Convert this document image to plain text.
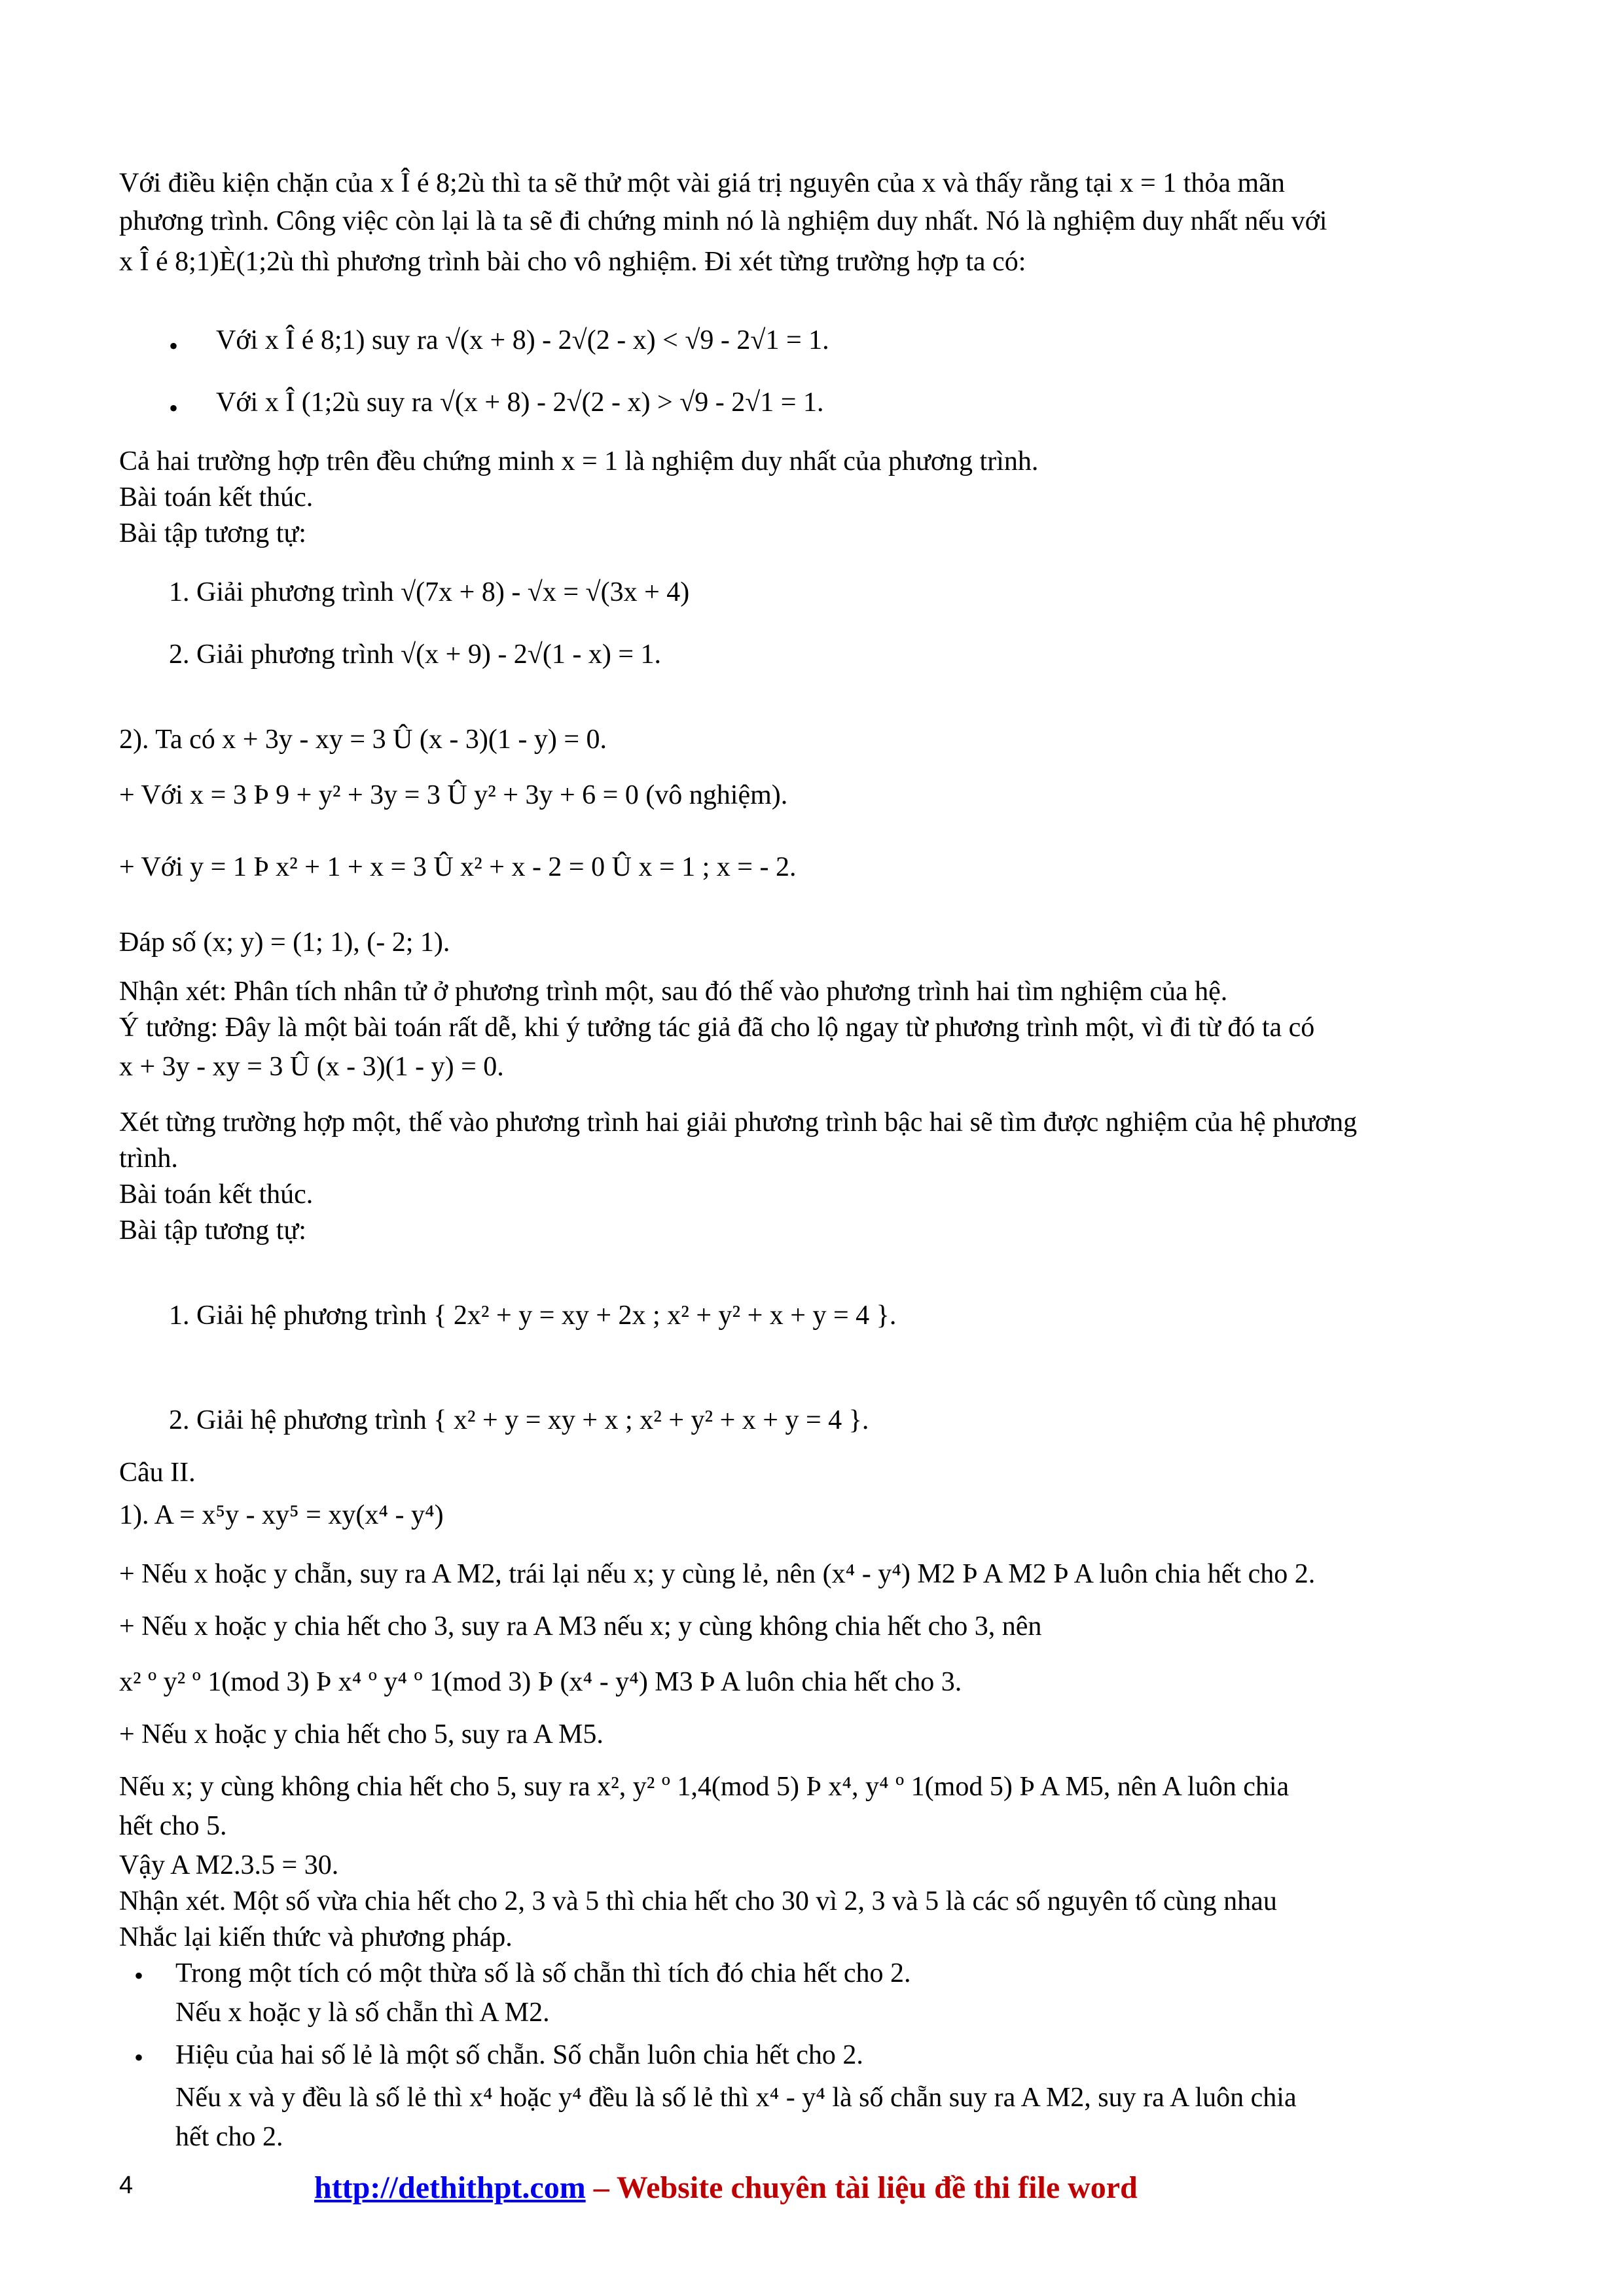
Với điều kiện chặn của x Î é 8;2ù thì ta sẽ thử một vài giá trị nguyên của x và thấy rằng tại x = 1 thỏa mãn
phương trình. Công việc còn lại là ta sẽ đi chứng minh nó là nghiệm duy nhất. Nó là nghiệm duy nhất nếu với
x Î é 8;1)È(1;2ù thì phương trình bài cho vô nghiệm. Đi xét từng trường hợp ta có:
• Với x Î é 8;1) suy ra √(x + 8) - 2√(2 - x) < √9 - 2√1 = 1.
• Với x Î (1;2ù suy ra √(x + 8) - 2√(2 - x) > √9 - 2√1 = 1.
Cả hai trường hợp trên đều chứng minh x = 1 là nghiệm duy nhất của phương trình.
Bài toán kết thúc.
Bài tập tương tự:
1. Giải phương trình √(7x + 8) - √x = √(3x + 4)
2. Giải phương trình √(x + 9) - 2√(1 - x) = 1.
2). Ta có x + 3y - xy = 3 Û (x - 3)(1 - y) = 0.
+ Với x = 3 Þ 9 + y² + 3y = 3 Û y² + 3y + 6 = 0 (vô nghiệm).
+ Với y = 1 Þ x² + 1 + x = 3 Û x² + x - 2 = 0 Û x = 1 ; x = - 2.
Đáp số (x; y) = (1; 1), (- 2; 1).
Nhận xét: Phân tích nhân tử ở phương trình một, sau đó thế vào phương trình hai tìm nghiệm của hệ.
Ý tưởng: Đây là một bài toán rất dễ, khi ý tưởng tác giả đã cho lộ ngay từ phương trình một, vì đi từ đó ta có
x + 3y - xy = 3 Û (x - 3)(1 - y) = 0.
Xét từng trường hợp một, thế vào phương trình hai giải phương trình bậc hai sẽ tìm được nghiệm của hệ phương
trình.
Bài toán kết thúc.
Bài tập tương tự:
1. Giải hệ phương trình { 2x² + y = xy + 2x ; x² + y² + x + y = 4 }.
2. Giải hệ phương trình { x² + y = xy + x ; x² + y² + x + y = 4 }.
Câu II.
1). A = x⁵y - xy⁵ = xy(x⁴ - y⁴)
+ Nếu x hoặc y chẵn, suy ra A M2, trái lại nếu x; y cùng lẻ, nên (x⁴ - y⁴) M2 Þ A M2 Þ A luôn chia hết cho 2.
+ Nếu x hoặc y chia hết cho 3, suy ra A M3 nếu x; y cùng không chia hết cho 3, nên
x² º y² º 1(mod 3) Þ x⁴ º y⁴ º 1(mod 3) Þ (x⁴ - y⁴) M3 Þ A luôn chia hết cho 3.
+ Nếu x hoặc y chia hết cho 5, suy ra A M5.
Nếu x; y cùng không chia hết cho 5, suy ra x², y² º 1,4(mod 5) Þ x⁴, y⁴ º 1(mod 5) Þ A M5, nên A luôn chia
hết cho 5.
Vậy A M2.3.5 = 30.
Nhận xét. Một số vừa chia hết cho 2, 3 và 5 thì chia hết cho 30 vì 2, 3 và 5 là các số nguyên tố cùng nhau
Nhắc lại kiến thức và phương pháp.
• Trong một tích có một thừa số là số chẵn thì tích đó chia hết cho 2.
Nếu x hoặc y là số chẵn thì A M2.
• Hiệu của hai số lẻ là một số chẵn. Số chẵn luôn chia hết cho 2.
Nếu x và y đều là số lẻ thì x⁴ hoặc y⁴ đều là số lẻ thì x⁴ - y⁴ là số chẵn suy ra A M2, suy ra A luôn chia
hết cho 2.
4	http://dethithpt.com – Website chuyên tài liệu đề thi file word
